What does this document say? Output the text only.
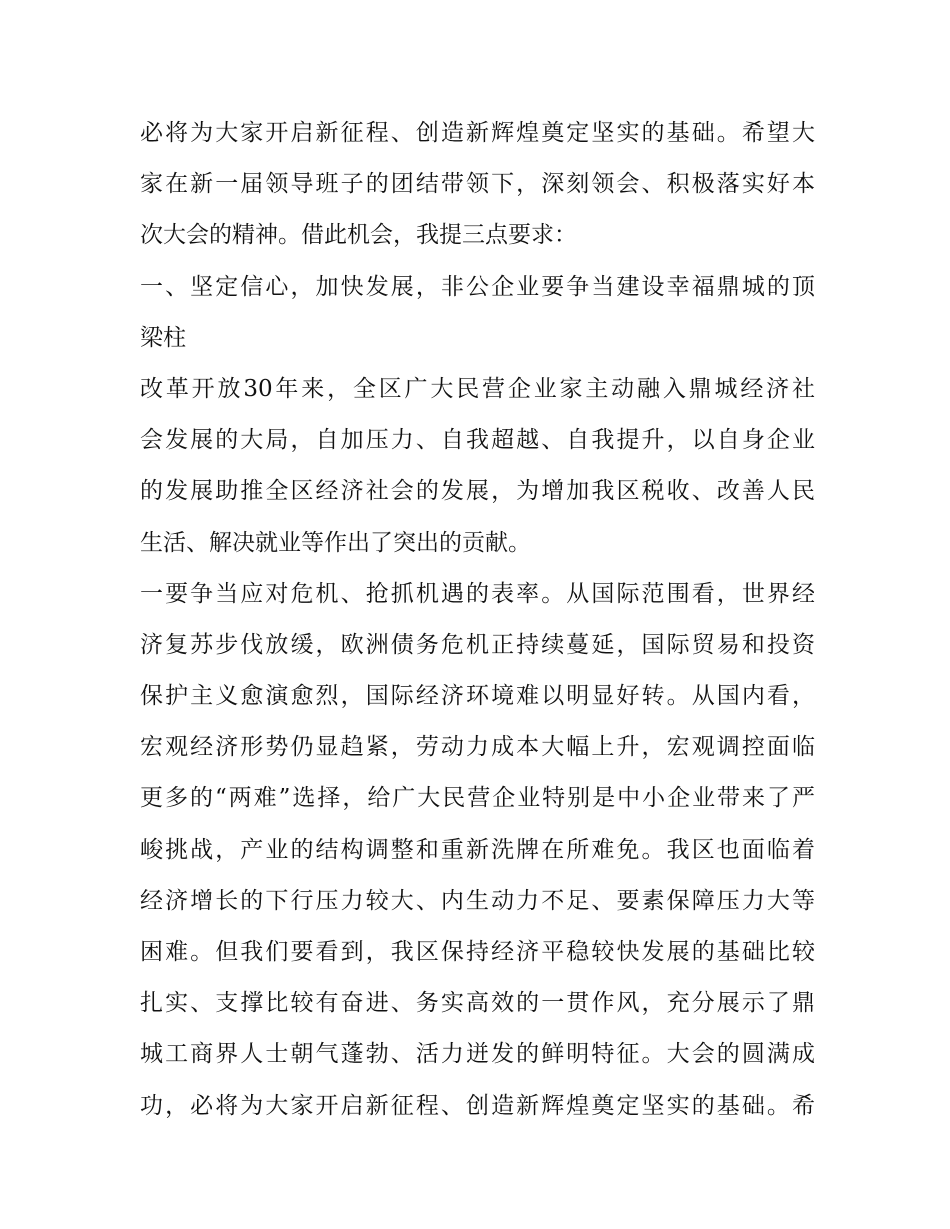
必将为大家开启新征程、创造新辉煌奠定坚实的基础。希望大
家在新一届领导班子的团结带领下，深刻领会、积极落实好本
次大会的精神。借此机会，我提三点要求：
一、坚定信心，加快发展，非公企业要争当建设幸福鼎城的顶
梁柱
改革开放30年来，全区广大民营企业家主动融入鼎城经济社
会发展的大局，自加压力、自我超越、自我提升，以自身企业
的发展助推全区经济社会的发展，为增加我区税收、改善人民
生活、解决就业等作出了突出的贡献。
一要争当应对危机、抢抓机遇的表率。从国际范围看，世界经
济复苏步伐放缓，欧洲债务危机正持续蔓延，国际贸易和投资
保护主义愈演愈烈，国际经济环境难以明显好转。从国内看，
宏观经济形势仍显趋紧，劳动力成本大幅上升，宏观调控面临
更多的“两难”选择，给广大民营企业特别是中小企业带来了严
峻挑战，产业的结构调整和重新洗牌在所难免。我区也面临着
经济增长的下行压力较大、内生动力不足、要素保障压力大等
困难。但我们要看到，我区保持经济平稳较快发展的基础比较
扎实、支撑比较有奋进、务实高效的一贯作风，充分展示了鼎
城工商界人士朝气蓬勃、活力迸发的鲜明特征。大会的圆满成
功，必将为大家开启新征程、创造新辉煌奠定坚实的基础。希
